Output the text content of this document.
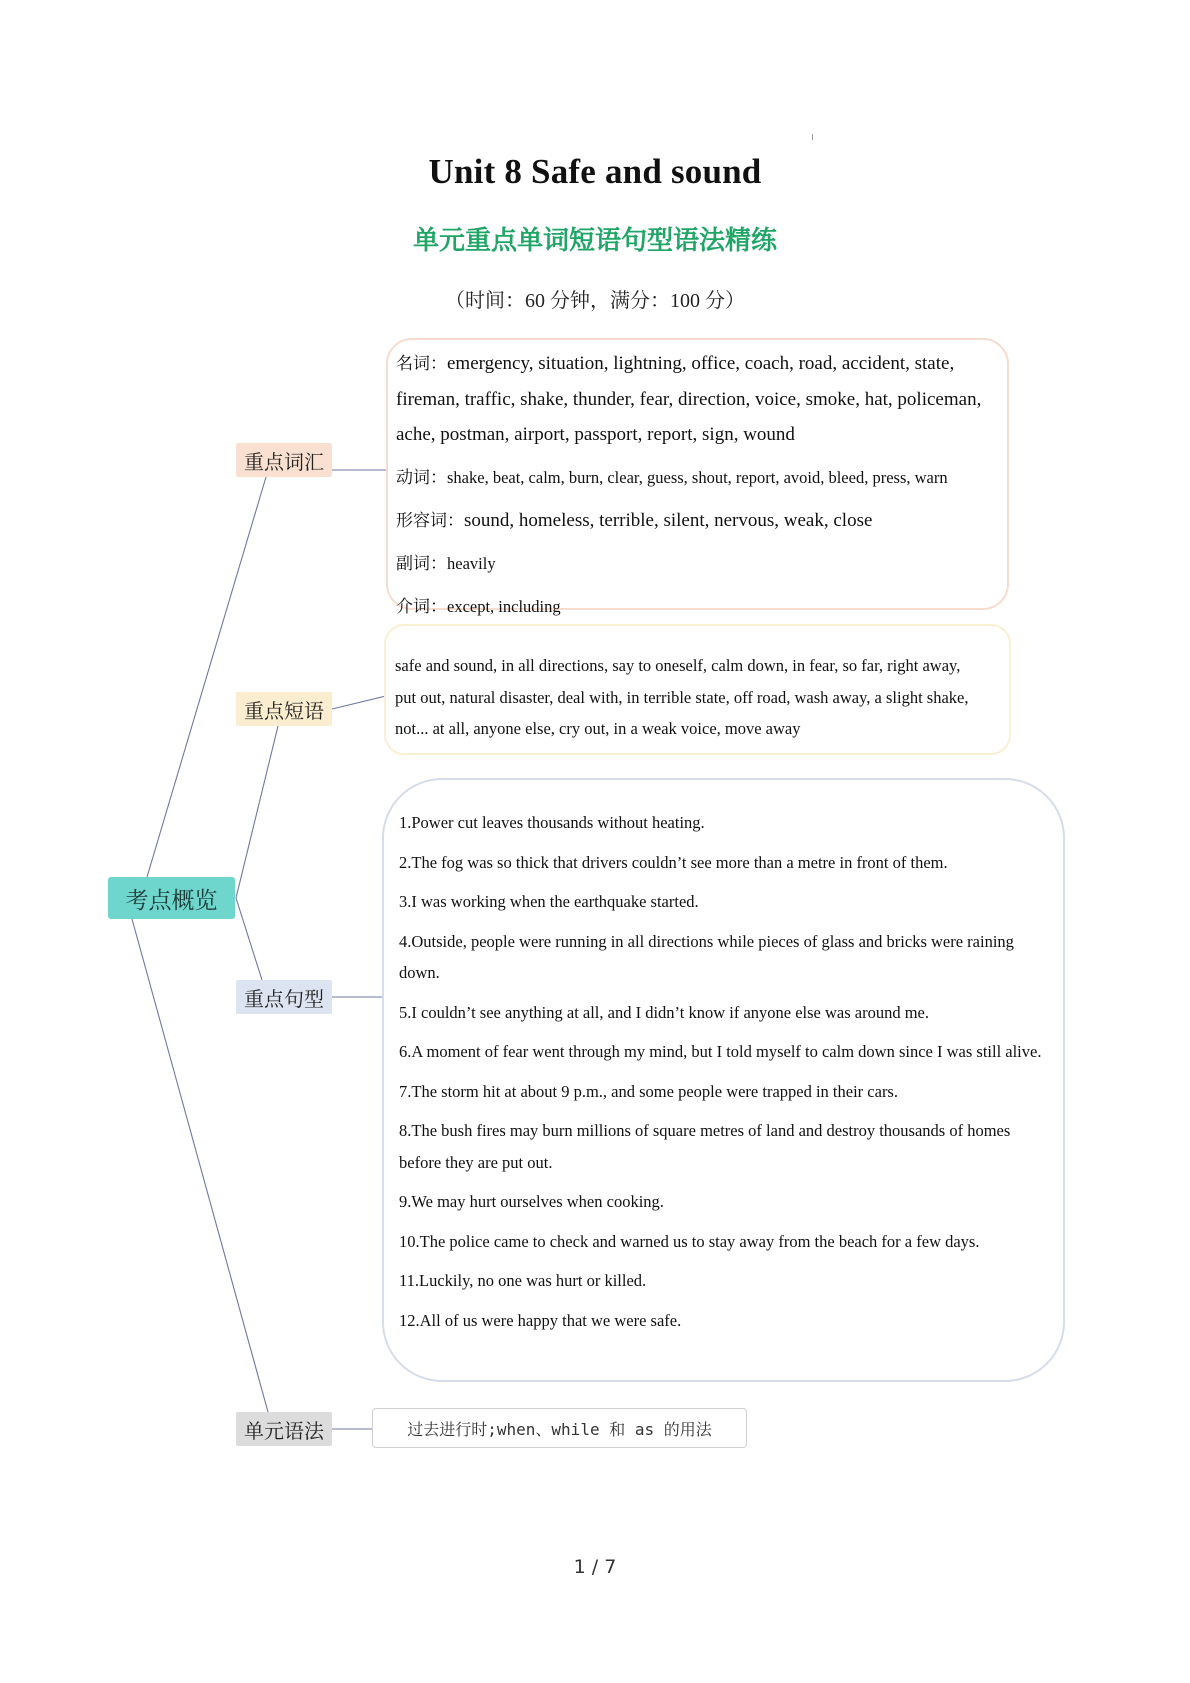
Unit 8 Safe and sound
单元重点单词短语句型语法精练
（时间：60 分钟，满分：100 分）
考点概览
重点词汇
重点短语
重点句型
单元语法
名词：emergency, situation, lightning, office, coach, road, accident, state,
fireman, traffic, shake, thunder, fear, direction, voice, smoke, hat, policeman,
ache, postman, airport, passport, report, sign, wound
动词：shake, beat, calm, burn, clear, guess, shout, report, avoid, bleed, press, warn
形容词：sound, homeless, terrible, silent, nervous, weak, close
副词：heavily
介词：except, including
safe and sound, in all directions, say to oneself, calm down, in fear, so far, right away,
put out, natural disaster, deal with, in terrible state, off road, wash away, a slight shake,
not... at all, anyone else, cry out, in a weak voice, move away
1.Power cut leaves thousands without heating.
2.The fog was so thick that drivers couldn’t see more than a metre in front of them.
3.I was working when the earthquake started.
4.Outside, people were running in all directions while pieces of glass and bricks were raining down.
5.I couldn’t see anything at all, and I didn’t know if anyone else was around me.
6.A moment of fear went through my mind, but I told myself to calm down since I was still alive.
7.The storm hit at about 9 p.m., and some people were trapped in their cars.
8.The bush fires may burn millions of square metres of land and destroy thousands of homes before they are put out.
9.We may hurt ourselves when cooking.
10.The police came to check and warned us to stay away from the beach for a few days.
11.Luckily, no one was hurt or killed.
12.All of us were happy that we were safe.
过去进行时;when、while 和 as 的用法
1 / 7
